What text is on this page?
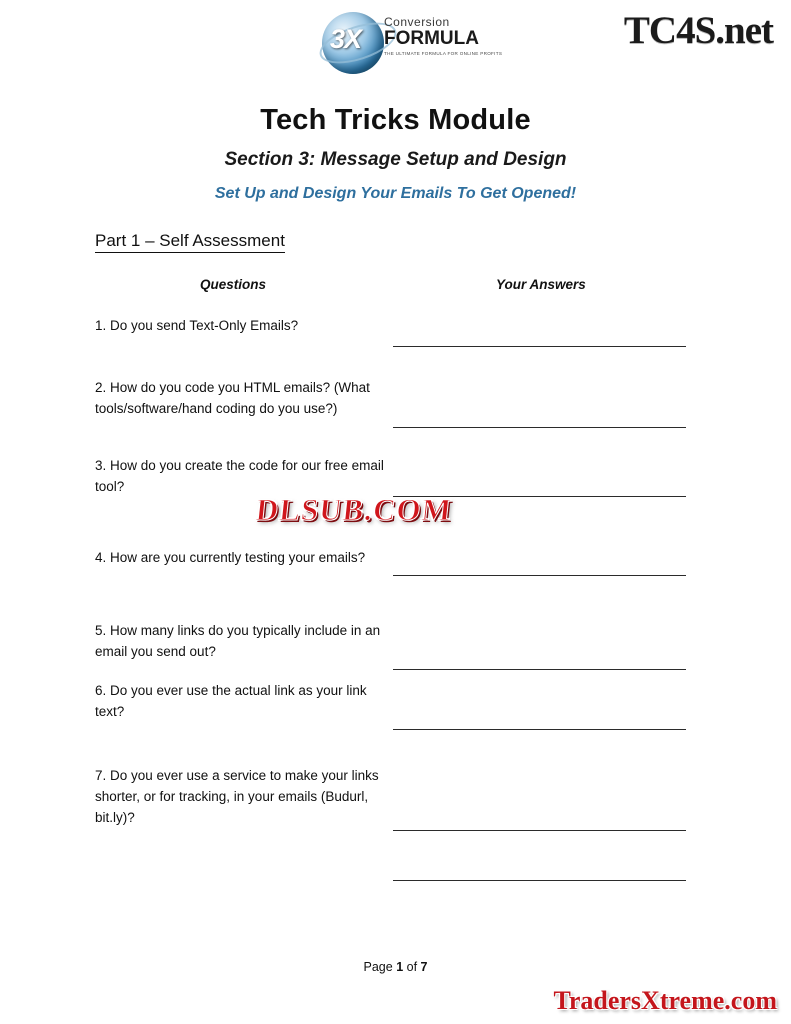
3X
Conversion
FORMULA
THE ULTIMATE FORMULA FOR ONLINE PROFITS
TC4S.net
Tech Tricks Module
Section 3: Message Setup and Design
Set Up and Design Your Emails To Get Opened!
Part 1 – Self Assessment
Questions	Your Answers
1. Do you send Text-Only Emails?
2. How do you code you HTML emails? (What tools/software/hand coding do you use?)
3. How do you create the code for our free email tool?
4. How are you currently testing your emails?
5. How many links do you typically include in an email you send out?
6. Do you ever use the actual link as your link text?
7. Do you ever use a service to make your links shorter, or for tracking, in your emails (Budurl, bit.ly)?
DLSUB.COM
TradersXtreme.com
Page 1 of 7
